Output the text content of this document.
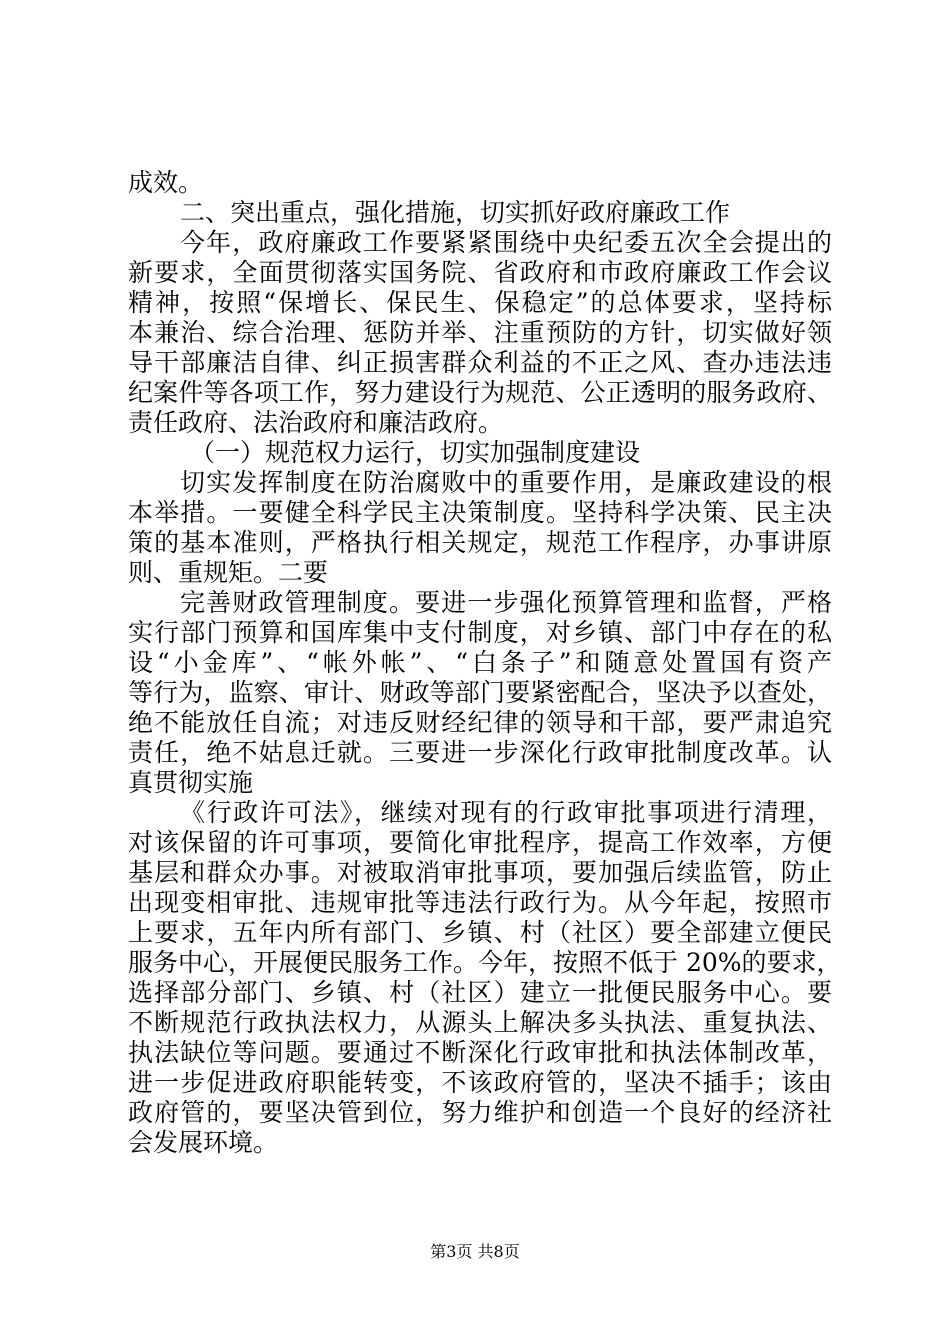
成效。
二、突出重点，强化措施，切实抓好政府廉政工作
今年，政府廉政工作要紧紧围绕中央纪委五次全会提出的
新要求，全面贯彻落实国务院、省政府和市政府廉政工作会议
精神，按照“保增长、保民生、保稳定”的总体要求，坚持标
本兼治、综合治理、惩防并举、注重预防的方针，切实做好领
导干部廉洁自律、纠正损害群众利益的不正之风、查办违法违
纪案件等各项工作，努力建设行为规范、公正透明的服务政府、
责任政府、法治政府和廉洁政府。
（一）规范权力运行，切实加强制度建设
切实发挥制度在防治腐败中的重要作用，是廉政建设的根
本举措。一要健全科学民主决策制度。坚持科学决策、民主决
策的基本准则，严格执行相关规定，规范工作程序，办事讲原
则、重规矩。二要
完善财政管理制度。要进一步强化预算管理和监督，严格
实行部门预算和国库集中支付制度，对乡镇、部门中存在的私
设“小金库”、“帐外帐”、“白条子”和随意处置国有资产
等行为，监察、审计、财政等部门要紧密配合，坚决予以查处，
绝不能放任自流；对违反财经纪律的领导和干部，要严肃追究
责任，绝不姑息迁就。三要进一步深化行政审批制度改革。认
真贯彻实施
《行政许可法》，继续对现有的行政审批事项进行清理，
对该保留的许可事项，要简化审批程序，提高工作效率，方便
基层和群众办事。对被取消审批事项，要加强后续监管，防止
出现变相审批、违规审批等违法行政行为。从今年起，按照市
上要求，五年内所有部门、乡镇、村（社区）要全部建立便民
服务中心，开展便民服务工作。今年，按照不低于 20%的要求，
选择部分部门、乡镇、村（社区）建立一批便民服务中心。要
不断规范行政执法权力，从源头上解决多头执法、重复执法、
执法缺位等问题。要通过不断深化行政审批和执法体制改革，
进一步促进政府职能转变，不该政府管的，坚决不插手；该由
政府管的，要坚决管到位，努力维护和创造一个良好的经济社
会发展环境。
第3页 共8页
